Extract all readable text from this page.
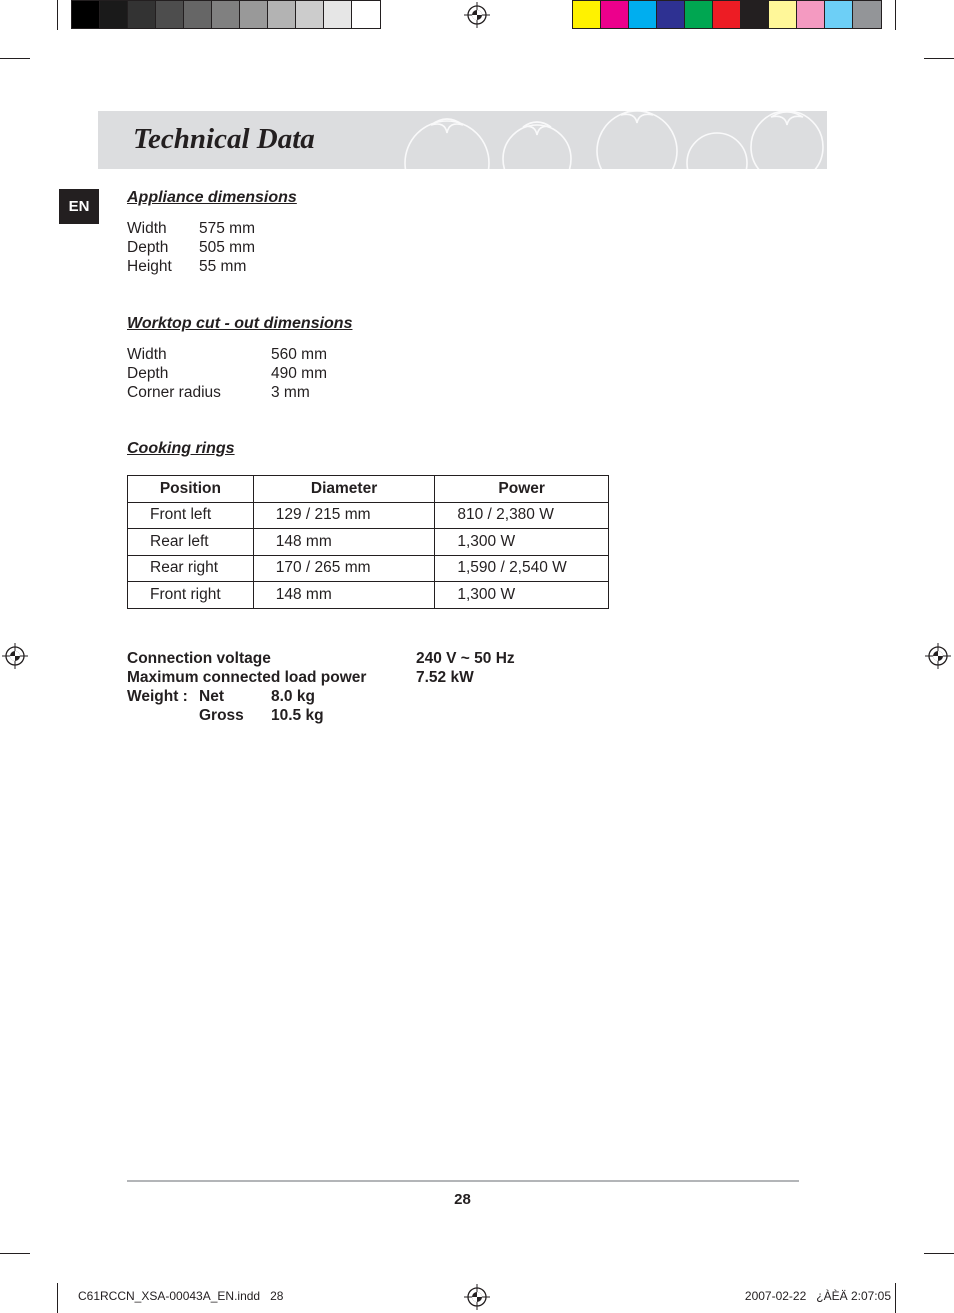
Technical Data
EN
Appliance dimensions
Width 575 mm
Depth 505 mm
Height 55 mm
Worktop cut - out dimensions
Width	560 mm
Depth	490 mm
Corner radius	3 mm
Cooking rings
Position	Diameter	Power
Front left	129 / 215 mm	810 / 2,380 W
Rear left	148 mm	1,300 W
Rear right	170 / 265 mm	1,590 / 2,540 W
Front right	148 mm	1,300 W
Connection voltage	240 V ~ 50 Hz
Maximum connected load power	7.52 kW
Weight : Net	8.0 kg
Gross 10.5 kg
28
C61RCCN_XSA-00043A_EN.indd   28	2007-02-22   ¿ÀÈÄ 2:07:05
